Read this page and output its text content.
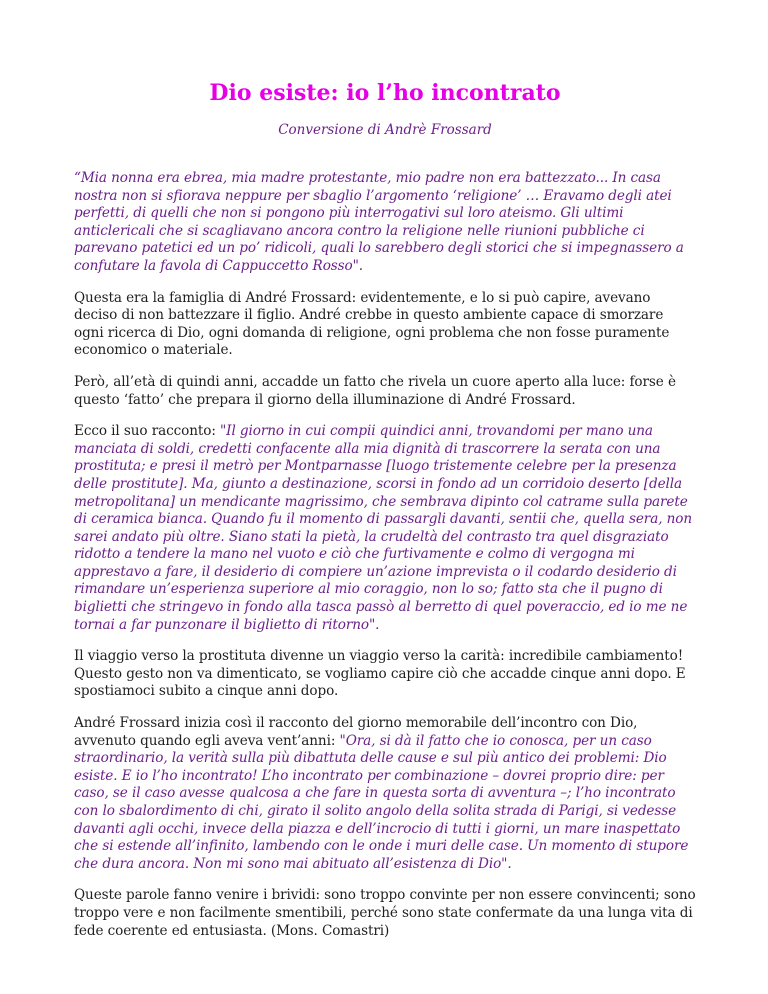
Dio esiste: io l’ho incontrato
Conversione di Andrè Frossard

“Mia nonna era ebrea, mia madre protestante, mio padre non era battezzato... In casa nostra non si sfiorava neppure per sbaglio l’argomento ‘religione’ … Eravamo degli atei perfetti, di quelli che non si pongono più interrogativi sul loro ateismo. Gli ultimi anticlericali che si scagliavano ancora contro la religione nelle riunioni pubbliche ci parevano patetici ed un po’ ridicoli, quali lo sarebbero degli storici che si impegnassero a confutare la favola di Cappuccetto Rosso".

Questa era la famiglia di André Frossard: evidentemente, e lo si può capire, avevano deciso di non battezzare il figlio. André crebbe in questo ambiente capace di smorzare ogni ricerca di Dio, ogni domanda di religione, ogni problema che non fosse puramente economico o materiale.

Però, all’età di quindi anni, accadde un fatto che rivela un cuore aperto alla luce: forse è questo ‘fatto’ che prepara il giorno della illuminazione di André Frossard.

Ecco il suo racconto: "Il giorno in cui compii quindici anni, trovandomi per mano una manciata di soldi, credetti confacente alla mia dignità di trascorrere la serata con una prostituta; e presi il metrò per Montparnasse [luogo tristemente celebre per la presenza delle prostitute]. Ma, giunto a destinazione, scorsi in fondo ad un corridoio deserto [della metropolitana] un mendicante magrissimo, che sembrava dipinto col catrame sulla parete di ceramica bianca. Quando fu il momento di passargli davanti, sentii che, quella sera, non sarei andato più oltre. Siano stati la pietà, la crudeltà del contrasto tra quel disgraziato ridotto a tendere la mano nel vuoto e ciò che furtivamente e colmo di vergogna mi apprestavo a fare, il desiderio di compiere un’azione imprevista o il codardo desiderio di rimandare un’esperienza superiore al mio coraggio, non lo so; fatto sta che il pugno di biglietti che stringevo in fondo alla tasca passò al berretto di quel poveraccio, ed io me ne tornai a far punzonare il biglietto di ritorno".

Il viaggio verso la prostituta divenne un viaggio verso la carità: incredibile cambiamento! Questo gesto non va dimenticato, se vogliamo capire ciò che accadde cinque anni dopo. E spostiamoci subito a cinque anni dopo.

André Frossard inizia così il racconto del giorno memorabile dell’incontro con Dio, avvenuto quando egli aveva vent’anni: "Ora, si dà il fatto che io conosca, per un caso straordinario, la verità sulla più dibattuta delle cause e sul più antico dei problemi: Dio esiste. E io l’ho incontrato! L’ho incontrato per combinazione – dovrei proprio dire: per caso, se il caso avesse qualcosa a che fare in questa sorta di avventura –; l’ho incontrato con lo sbalordimento di chi, girato il solito angolo della solita strada di Parigi, si vedesse davanti agli occhi, invece della piazza e dell’incrocio di tutti i giorni, un mare inaspettato che si estende all’infinito, lambendo con le onde i muri delle case. Un momento di stupore che dura ancora. Non mi sono mai abituato all’esistenza di Dio".

Queste parole fanno venire i brividi: sono troppo convinte per non essere convincenti; sono troppo vere e non facilmente smentibili, perché sono state confermate da una lunga vita di fede coerente ed entusiasta. (Mons. Comastri)
